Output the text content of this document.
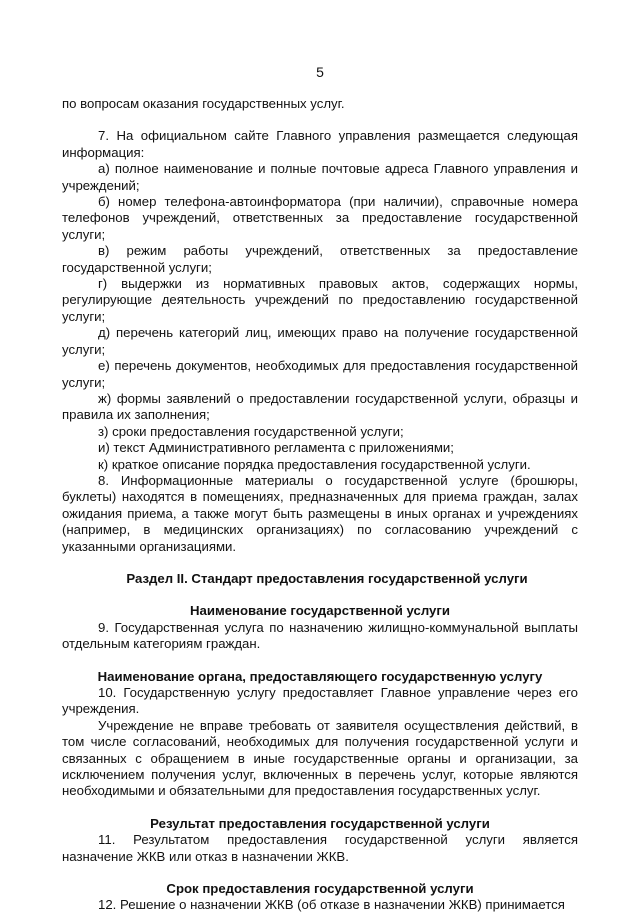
5

по вопросам оказания государственных услуг.

7. На официальном сайте Главного управления размещается следующая информация:

а) полное наименование и полные почтовые адреса Главного управления и учреждений;

б) номер телефона-автоинформатора (при наличии), справочные номера телефонов учреждений, ответственных за предоставление государственной услуги;

в) режим работы учреждений, ответственных за предоставление государственной услуги;

г) выдержки из нормативных правовых актов, содержащих нормы, регулирующие деятельность учреждений по предоставлению государственной услуги;

д) перечень категорий лиц, имеющих право на получение государственной услуги;

е) перечень документов, необходимых для предоставления государственной услуги;

ж) формы заявлений о предоставлении государственной услуги, образцы и правила их заполнения;

з) сроки предоставления государственной услуги;

и) текст Административного регламента с приложениями;

к) краткое описание порядка предоставления государственной услуги.

8. Информационные материалы о государственной услуге (брошюры, буклеты) находятся в помещениях, предназначенных для приема граждан, залах ожидания приема, а также могут быть размещены в иных органах и учреждениях (например, в медицинских организациях) по согласованию учреждений с указанными организациями.

Раздел II. Стандарт предоставления государственной услуги

Наименование государственной услуги

9. Государственная услуга по назначению жилищно-коммунальной выплаты отдельным категориям граждан.

Наименование органа, предоставляющего государственную услугу

10. Государственную услугу предоставляет Главное управление через его учреждения.

Учреждение не вправе требовать от заявителя осуществления действий, в том числе согласований, необходимых для получения государственной услуги и связанных с обращением в иные государственные органы и организации, за исключением получения услуг, включенных в перечень услуг, которые являются необходимыми и обязательными для предоставления государственных услуг.

Результат предоставления государственной услуги

11. Результатом предоставления государственной услуги является назначение ЖКВ или отказ в назначении ЖКВ.

Срок предоставления государственной услуги

12. Решение о назначении ЖКВ (об отказе в назначении ЖКВ) принимается
